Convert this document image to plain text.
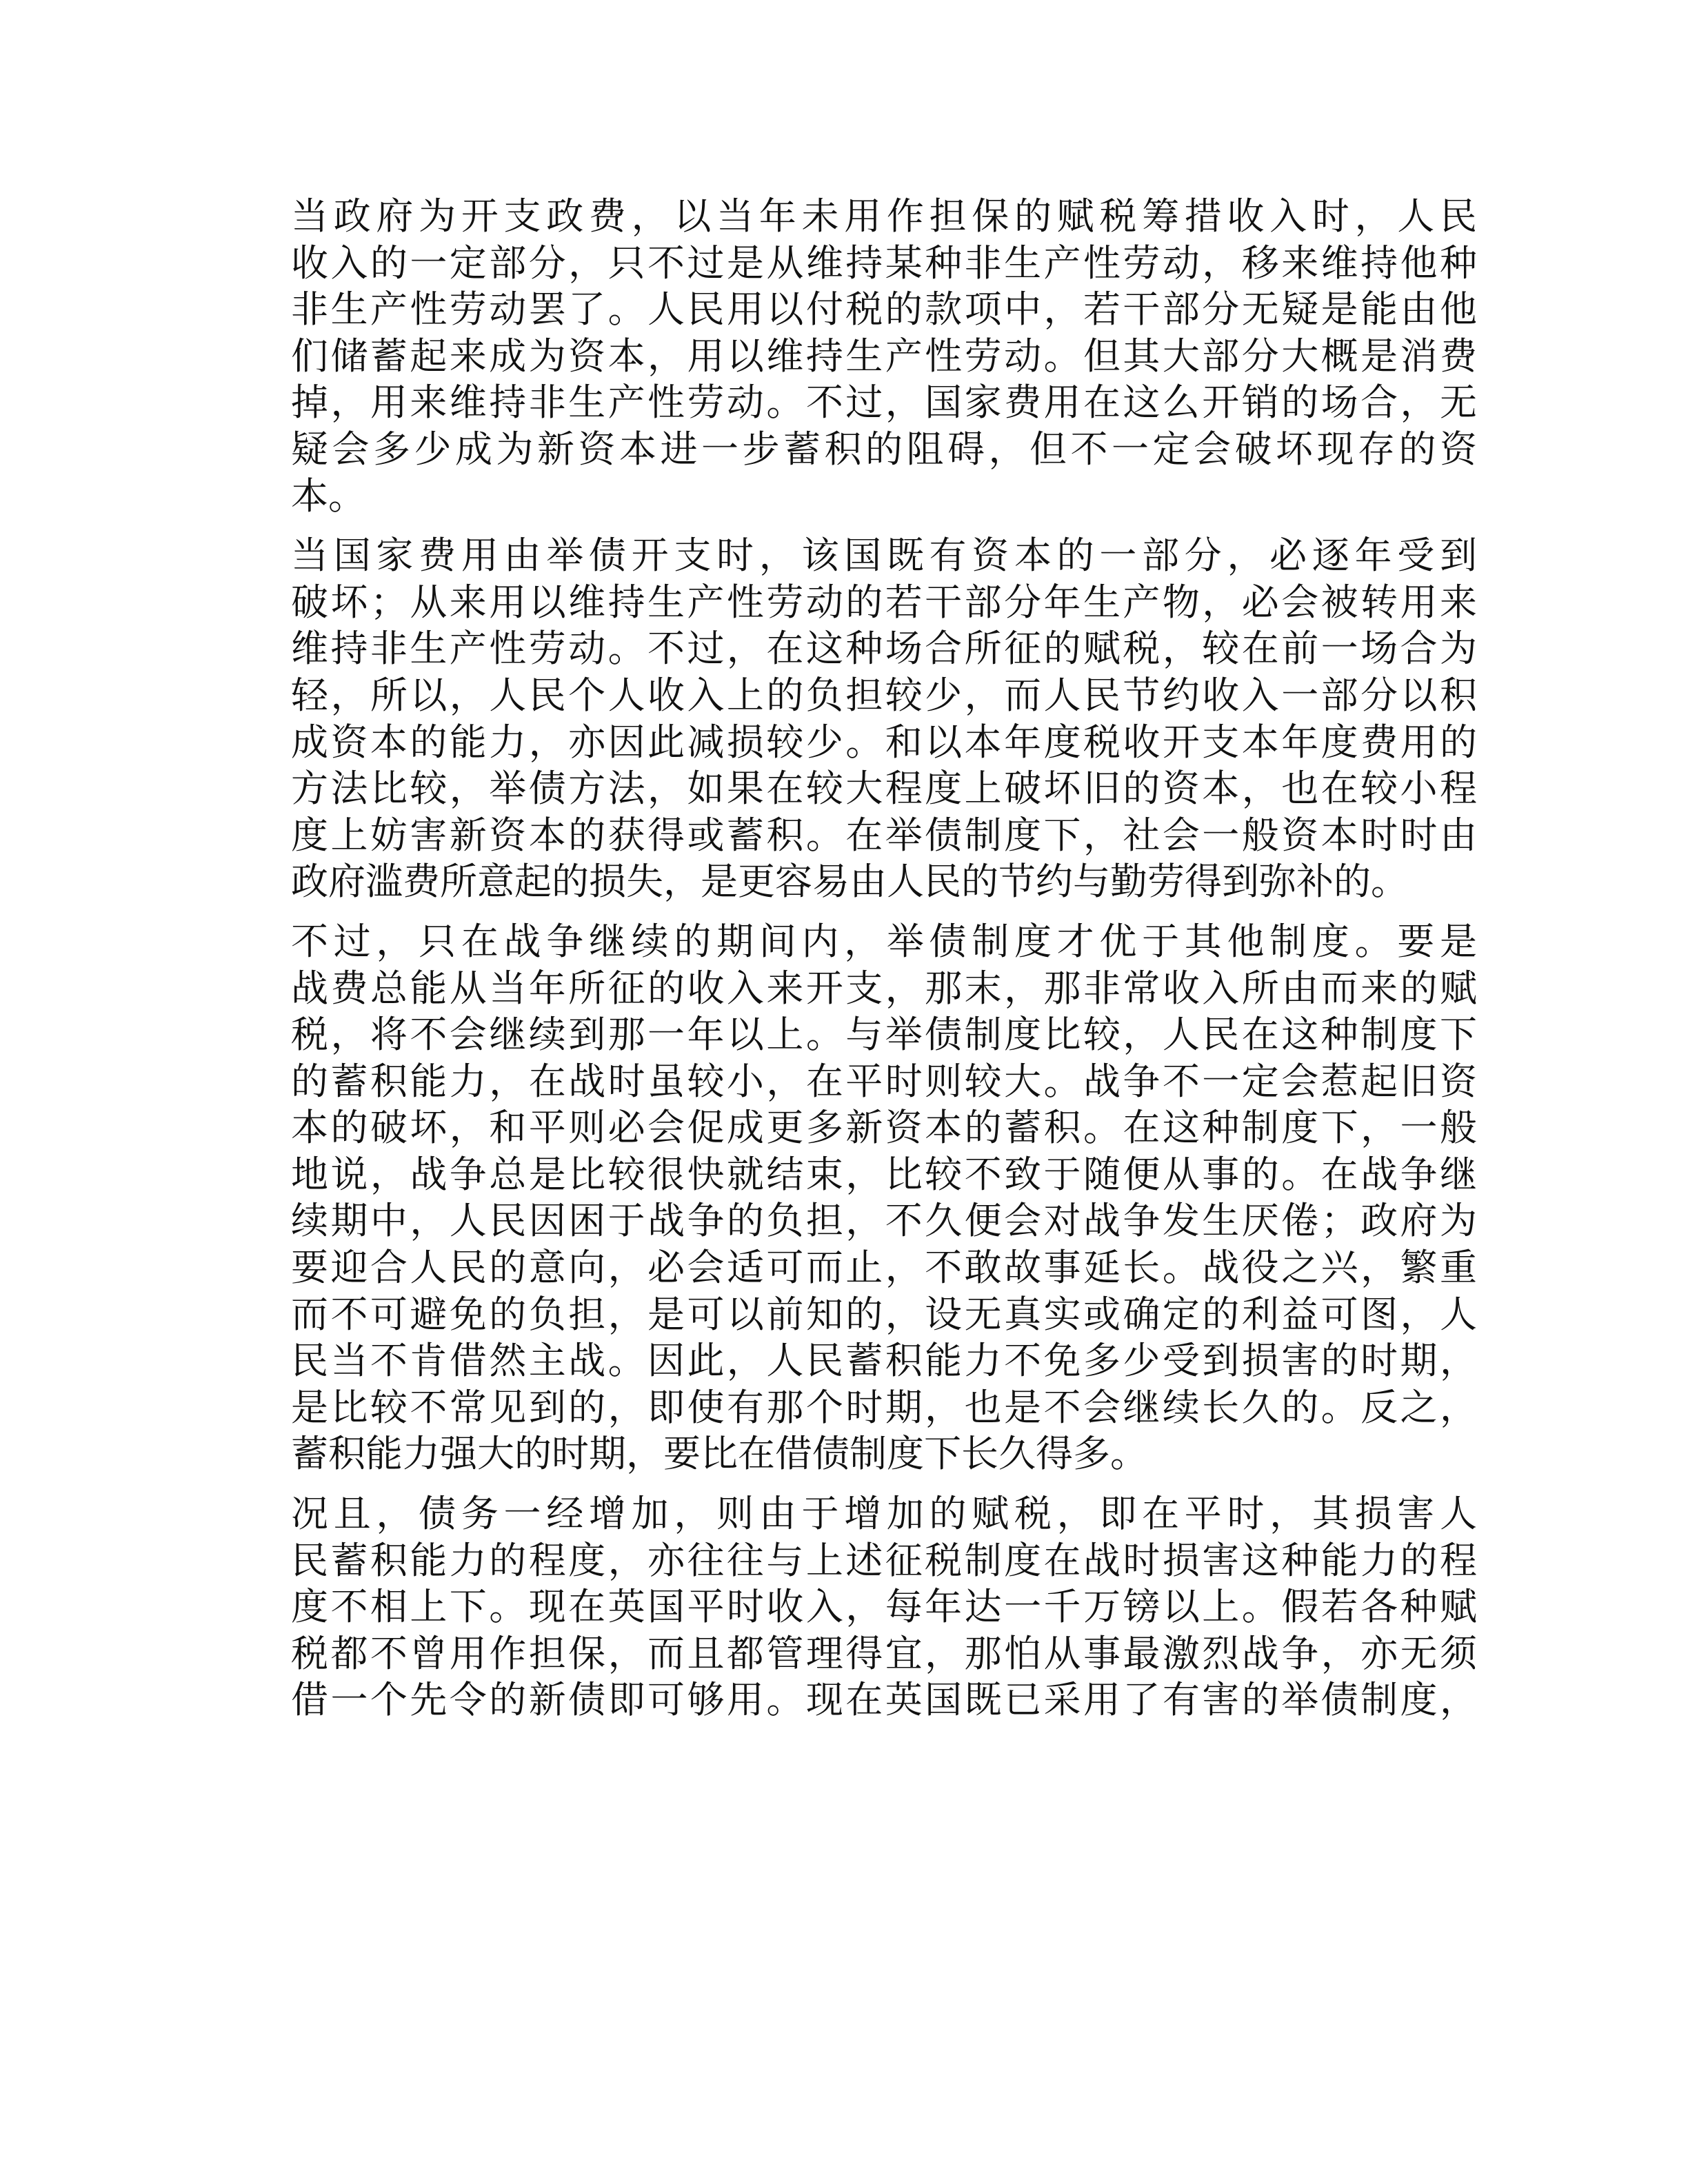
当政府为开支政费，以当年未用作担保的赋税筹措收入时，人民
收入的一定部分，只不过是从维持某种非生产性劳动，移来维持他种
非生产性劳动罢了。人民用以付税的款项中，若干部分无疑是能由他
们储蓄起来成为资本，用以维持生产性劳动。但其大部分大概是消费
掉，用来维持非生产性劳动。不过，国家费用在这么开销的场合，无
疑会多少成为新资本进一步蓄积的阻碍，但不一定会破坏现存的资
本。

当国家费用由举债开支时，该国既有资本的一部分，必逐年受到
破坏；从来用以维持生产性劳动的若干部分年生产物，必会被转用来
维持非生产性劳动。不过，在这种场合所征的赋税，较在前一场合为
轻，所以，人民个人收入上的负担较少，而人民节约收入一部分以积
成资本的能力，亦因此减损较少。和以本年度税收开支本年度费用的
方法比较，举债方法，如果在较大程度上破坏旧的资本，也在较小程
度上妨害新资本的获得或蓄积。在举债制度下，社会一般资本时时由
政府滥费所意起的损失，是更容易由人民的节约与勤劳得到弥补的。

不过，只在战争继续的期间内，举债制度才优于其他制度。要是
战费总能从当年所征的收入来开支，那末，那非常收入所由而来的赋
税，将不会继续到那一年以上。与举债制度比较，人民在这种制度下
的蓄积能力，在战时虽较小，在平时则较大。战争不一定会惹起旧资
本的破坏，和平则必会促成更多新资本的蓄积。在这种制度下，一般
地说，战争总是比较很快就结束，比较不致于随便从事的。在战争继
续期中，人民因困于战争的负担，不久便会对战争发生厌倦；政府为
要迎合人民的意向，必会适可而止，不敢故事延长。战役之兴，繁重
而不可避免的负担，是可以前知的，设无真实或确定的利益可图，人
民当不肯借然主战。因此，人民蓄积能力不免多少受到损害的时期，
是比较不常见到的，即使有那个时期，也是不会继续长久的。反之，
蓄积能力强大的时期，要比在借债制度下长久得多。

况且，债务一经增加，则由于增加的赋税，即在平时，其损害人
民蓄积能力的程度，亦往往与上述征税制度在战时损害这种能力的程
度不相上下。现在英国平时收入，每年达一千万镑以上。假若各种赋
税都不曾用作担保，而且都管理得宜，那怕从事最激烈战争，亦无须
借一个先令的新债即可够用。现在英国既已采用了有害的举债制度，
